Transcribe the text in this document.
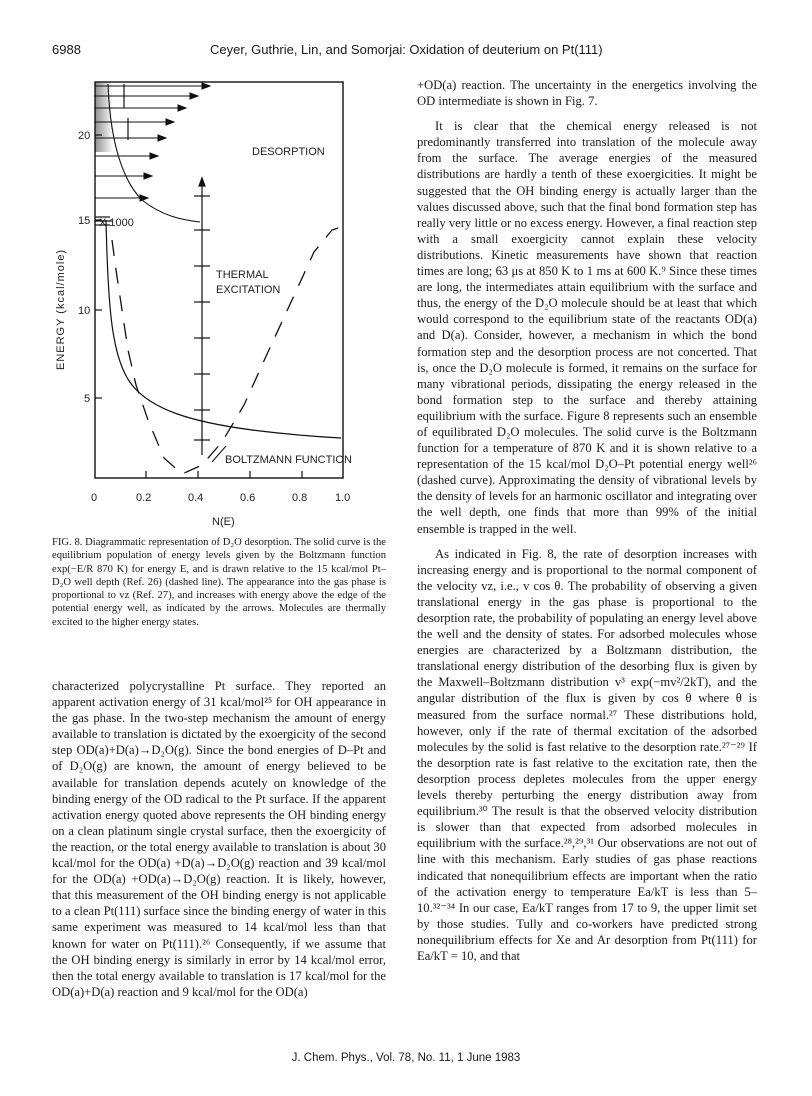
6988	Ceyer, Guthrie, Lin, and Somorjai: Oxidation of deuterium on Pt(111)
20
15
10
5
0	0.2	0.4	0.6	0.8	1.0
N(E)
ENERGY (kcal/mole)
X 1000
THERMAL
EXCITATION
DESORPTION
BOLTZMANN FUNCTION
FIG. 8. Diagrammatic representation of D₂O desorption. The solid curve is the equilibrium population of energy levels given by the Boltzmann function exp(−E/R 870 K) for energy E, and is drawn relative to the 15 kcal/mol Pt–D₂O well depth (Ref. 26) (dashed line). The appearance into the gas phase is proportional to vz (Ref. 27), and increases with energy above the edge of the potential energy well, as indicated by the arrows. Molecules are thermally excited to the higher energy states.

characterized polycrystalline Pt surface. They reported an apparent activation energy of 31 kcal/mol²⁵ for OH appearance in the gas phase. In the two-step mechanism the amount of energy available to translation is dictated by the exoergicity of the second step OD(a)+D(a)→D₂O(g). Since the bond energies of D–Pt and of D₂O(g) are known, the amount of energy believed to be available for translation depends acutely on knowledge of the binding energy of the OD radical to the Pt surface. If the apparent activation energy quoted above represents the OH binding energy on a clean platinum single crystal surface, then the exoergicity of the reaction, or the total energy available to translation is about 30 kcal/mol for the OD(a) +D(a)→D₂O(g) reaction and 39 kcal/mol for the OD(a) +OD(a)→D₂O(g) reaction. It is likely, however, that this measurement of the OH binding energy is not applicable to a clean Pt(111) surface since the binding energy of water in this same experiment was measured to 14 kcal/mol less than that known for water on Pt(111).²⁶ Consequently, if we assume that the OH binding energy is similarly in error by 14 kcal/mol error, then the total energy available to translation is 17 kcal/mol for the OD(a)+D(a) reaction and 9 kcal/mol for the OD(a)

+OD(a) reaction. The uncertainty in the energetics involving the OD intermediate is shown in Fig. 7.

It is clear that the chemical energy released is not predominantly transferred into translation of the molecule away from the surface. The average energies of the measured distributions are hardly a tenth of these exoergicities. It might be suggested that the OH binding energy is actually larger than the values discussed above, such that the final bond formation step has really very little or no excess energy. However, a final reaction step with a small exoergicity cannot explain these velocity distributions. Kinetic measurements have shown that reaction times are long; 63 μs at 850 K to 1 ms at 600 K.⁹ Since these times are long, the intermediates attain equilibrium with the surface and thus, the energy of the D₂O molecule should be at least that which would correspond to the equilibrium state of the reactants OD(a) and D(a). Consider, however, a mechanism in which the bond formation step and the desorption process are not concerted. That is, once the D₂O molecule is formed, it remains on the surface for many vibrational periods, dissipating the energy released in the bond formation step to the surface and thereby attaining equilibrium with the surface. Figure 8 represents such an ensemble of equilibrated D₂O molecules. The solid curve is the Boltzmann function for a temperature of 870 K and it is shown relative to a representation of the 15 kcal/mol D₂O–Pt potential energy well²⁶ (dashed curve). Approximating the density of vibrational levels by the density of levels for an harmonic oscillator and integrating over the well depth, one finds that more than 99% of the initial ensemble is trapped in the well.

As indicated in Fig. 8, the rate of desorption increases with increasing energy and is proportional to the normal component of the velocity vz, i.e., v cos θ. The probability of observing a given translational energy in the gas phase is proportional to the desorption rate, the probability of populating an energy level above the well and the density of states. For adsorbed molecules whose energies are characterized by a Boltzmann distribution, the translational energy distribution of the desorbing flux is given by the Maxwell–Boltzmann distribution v³ exp(−mv²/2kT), and the angular distribution of the flux is given by cos θ where θ is measured from the surface normal.²⁷ These distributions hold, however, only if the rate of thermal excitation of the adsorbed molecules by the solid is fast relative to the desorption rate.²⁷⁻²⁹ If the desorption rate is fast relative to the excitation rate, then the desorption process depletes molecules from the upper energy levels thereby perturbing the energy distribution away from equilibrium.³⁰ The result is that the observed velocity distribution is slower than that expected from adsorbed molecules in equilibrium with the surface.²⁸,²⁹,³¹ Our observations are not out of line with this mechanism. Early studies of gas phase reactions indicated that nonequilibrium effects are important when the ratio of the activation energy to temperature Ea/kT is less than 5–10.³²⁻³⁴ In our case, Ea/kT ranges from 17 to 9, the upper limit set by those studies. Tully and co-workers have predicted strong nonequilibrium effects for Xe and Ar desorption from Pt(111) for Ea/kT = 10, and that

J. Chem. Phys., Vol. 78, No. 11, 1 June 1983
